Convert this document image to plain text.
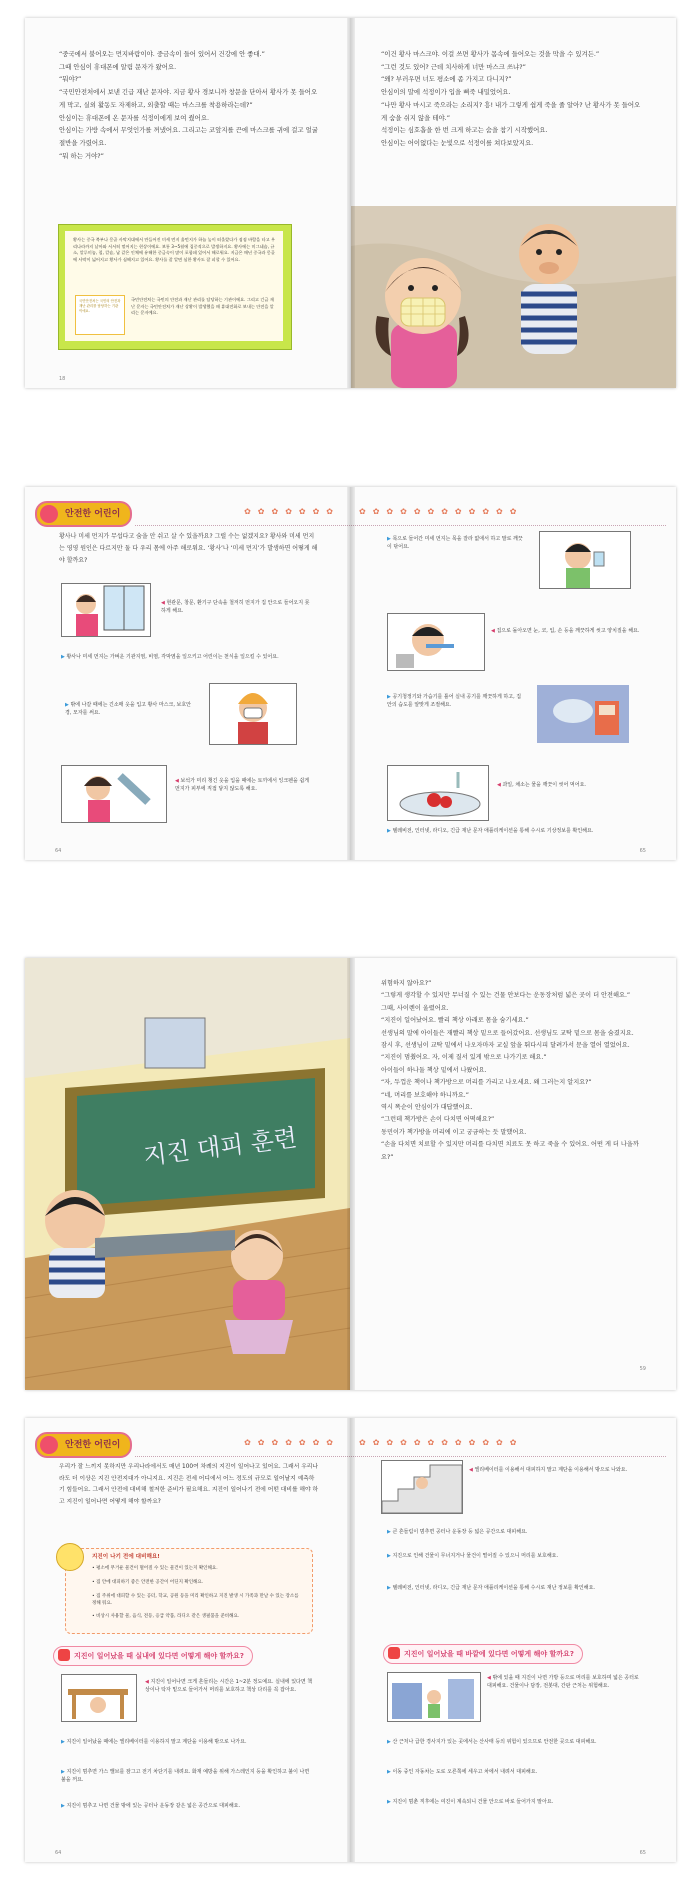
“중국에서 불어오는 먼지바람이야. 중금속이 들어 있어서 건강에 안 좋대.”

그때 안심이 휴대폰에 알림 문자가 왔어요.

“뭐야?”

“국민안전처에서 보낸 긴급 재난 문자야. 지금 황사 경보니까 창문을 단아서 황사가 못 들어오게 막고, 실외 활동도 자제하고, 외출할 때는 마스크를 착용하라는데?”

안심이는 휴대폰에 온 문자를 석정이에게 보여 줬어요.

안심이는 가방 속에서 무엇인가를 꺼냈어요. 그리고는 코앞지를 끈에 마스크를 귀에 걸고 얼굴 절반을 가렸어요.

“뭐 하는 거야?”

황사는 중국 북부나 몽골 사막지대에서 만들어진 미세 먼지 흙먼지가 하늘 높이 떠올랐다가 점점 바람을 타고 우리나라까지 날아와 서서히 떨어지는 현상이에요. 보통 3~5월에 집중적으로 발생하지요. 황사에는 미그네슘, 규소, 알루미늄, 철, 칼슘, 납 같은 인체에 유해한 중금속이 많이 포함돼 있어서 해로워요. 지금은 매년 중국과 몽골에 사막이 넓어지고 황사가 심해지고 있어요. 황사를 잘 알면 심한 황사도 잘 피할 수 있어요.
국민안전처는 국민의 안전과 재난 관리를 담당하는 기관이에요.
국민안전처는 국민의 안전과 재난 관리를 담당하는 기관이에요. 그리고 긴급 재난 문자는 국민안전처가 재난 상황이 발생했을 때 휴대전화로 보내는 안전을 알리는 문자예요.
18

“이건 황사 마스크야. 이걸 쓰면 황사가 몸속에 들어오는 것을 막을 수 있겨든.”

“그런 것도 있어? 근데 치사하게 너만 마스크 쓰냐?”

“왜? 부러우면 너도 평소에 좀 가지고 다니지?”

안심이의 말에 석정이가 입을 삐죽 내밀었어요.

“나만 황사 마시고 죽으라는 소리지? 흥! 내가 그렇게 쉽게 죽을 줄 알아? 난 황사가 못 들어오게 숨을 쉬지 않을 테야.”

석정이는 심호흡을 한 번 크게 하고는 숨을 참기 시작했어요.

안심이는 어이없다는 눈빛으로 석정이를 쳐다보았지요.

안전한 어린이	✿✿✿✿✿✿✿
황사나 미세 먼지가 무섭다고 숨을 안 쉬고 살 수 있을까요? 그럴 수는 없겠지요? 황사와 미세 먼지는 영영 원인은 다르지만 둘 다 우리 몸에 아주 해로워요. ‘황사’나 ‘미세 먼지’가 발생하면 어떻게 해야 할까요?
◀ 현관문, 창문, 환기구 단속을 철저히 먼지가 집 안으로 들어오지 못하게 해요.
▶ 황사나 미세 먼지는 가벼운 기관지염, 비염, 각막염을 일으키고 어린이는 천식을 일으킬 수 있어요.
▶ 밖에 나갈 때에는 긴소매 옷을 입고 황사 마스크, 보호안경, 모자를 써요.
◀ 보석가 미리 챙긴 옷을 입을 때에는 토끼에서 잉크펜을 쉽게 먼지가 피부에 직접 닿지 않도록 해요.
64
✿✿✿✿✿✿✿✿✿✿✿✿
▶ 목으로 들어간 미세 먼지는 목을 잘라 없애서 하고 말로 깨끗이 닦어요.
◀ 집으로 돌아오면 눈, 코, 입, 손 등을 깨끗하게 씻고 양치질을 해요.
▶ 공기청정기와 가습기를 틀어 실내 공기를 깨끗하게 하고, 집 안의 습도를 알맞게 조절해요.
◀ 과일, 채소는 물을 깨끗이 씻어 먹어요.
▶ 텔레비전, 인터넷, 라디오, 긴급 재난 문자 애플리케이션을 통해 수시로 기상정보를 확인해요.
65
지진 대피 훈련

위험하지 않아요?”

“그렇게 생각할 수 있지만 무너질 수 있는 건물 안보다는 운동장처럼 넓은 곳이 더 안전해요.”

그때, 사이렌이 울렸어요.

“지진이 일어났어요. 빨리 책상 아래로 몸을 숨기세요.”

선생님의 말에 아이들은 재빨리 책상 밑으로 들어갔어요. 선생님도 교탁 밑으로 몸을 숨겼지요.

잠시 후, 선생님이 교탁 밑에서 나오자마자 교실 앞을 뛰다시피 달려가서 문을 열어 열었어요.

“지진이 멈췄어요. 자, 이제 질서 있게 밖으로 나가기로 해요.”

아이들이 하나둘 책상 밑에서 나왔어요.

“자, 두껍운 책이나 책가방으로 머리를 가리고 나오세요. 왜 그러는지 알지요?”

“네, 머리를 보호해야 하니까요.”

역시 똑순이 안심이가 대답했어요.

“그런데 책가방은 손이 다치면 어떡해요?”

동민이가 책가방을 머리에 이고 궁금하는 듯 말했어요.

“손을 다치면 치료할 수 있지만 머리를 다치면 치료도 못 하고 죽을 수 있어요. 어떤 게 더 나을까요?”

59
안전한 어린이	✿✿✿✿✿✿✿
우리가 잘 느끼지 못하지만 우리나라에서도 매년 100여 차례의 지진이 일어나고 있어요. 그래서 우리나라도 더 이상은 지진 안전지대가 아니지요. 지진은 전세 어디에서 어느 정도의 규모로 일어날지 예측하기 힘들어요. 그래서 안전에 대비해 철저한 준비가 필요해요. 지진이 일어나기 전에 어떤 대비를 해야 하고 지진이 일어나면 어떻게 해야 할까요?
지진이 나기 전에 대비해요!
• 평소에 무거운 물건이 떨어질 수 있는 물건이 있는지 확인해요.
• 집 안에 대피하기 좋은 안전한 공간이 어딘지 확인해요.
• 집 주위에 대피할 수 있는 공터, 학교, 공원 등을 미리 확인하고 지진 발생 시 가족과 만날 수 있는 장소를 정해 둬요.
• 비상시 사용할 물, 음식, 전등, 응급 약품, 라디오 같은 생필품을 준비해요.
지진이 일어났을 때 실내에 있다면 어떻게 해야 할까요?
◀ 지진이 일어나면 크게 흔들리는 시간은 1~2분 정도예요. 실내에 있다면 책상이나 탁자 밑으로 들어가서 머리를 보호하고 책상 다리를 꼭 잡아요.
▶ 지진이 일어났을 때에는 엘리베이터를 이용하지 말고 계단을 이용해 밖으로 나가요.
▶ 지진이 멈추면 가스 밸브를 잠그고 전기 차단기를 내려요. 화재 예방을 위해 가스레인지 등을 확인하고 불이 나면 불을 꺼요.
▶ 지진이 멈추고 나면 건물 밖에 있는 공터나 운동장 같은 넓은 공간으로 대피해요.
64
✿✿✿✿✿✿✿✿✿✿✿✿
◀ 엘리베이터를 이용해서 대피하지 말고 계단을 이용해서 밖으로 나와요.
▶ 큰 흔들림이 멈추면 공터나 운동장 등 넓은 공간으로 대피해요.
▶ 지진으로 인해 건물이 무너지거나 물건이 떨어질 수 있으니 머리를 보호해요.
▶ 텔레비전, 인터넷, 라디오, 긴급 재난 문자 애플리케이션을 통해 수시로 재난 정보를 확인해요.
지진이 일어났을 때 바깥에 있다면 어떻게 해야 할까요?
◀ 밖에 있을 때 지진이 나면 가방 등으로 머리를 보호하며 넓은 공터로 대피해요. 건물이나 담장, 전봇대, 간판 근처는 위험해요.
▶ 산 근처나 급한 경사지가 있는 곳에서는 산사태 등의 위험이 있으므로 안전한 곳으로 대피해요.
▶ 이동 중인 자동차는 도로 오른쪽에 세우고 차에서 내려서 대피해요.
▶ 지진이 멈춘 직후에는 여진이 계속되니 건물 안으로 바로 들어가지 말아요.
65
